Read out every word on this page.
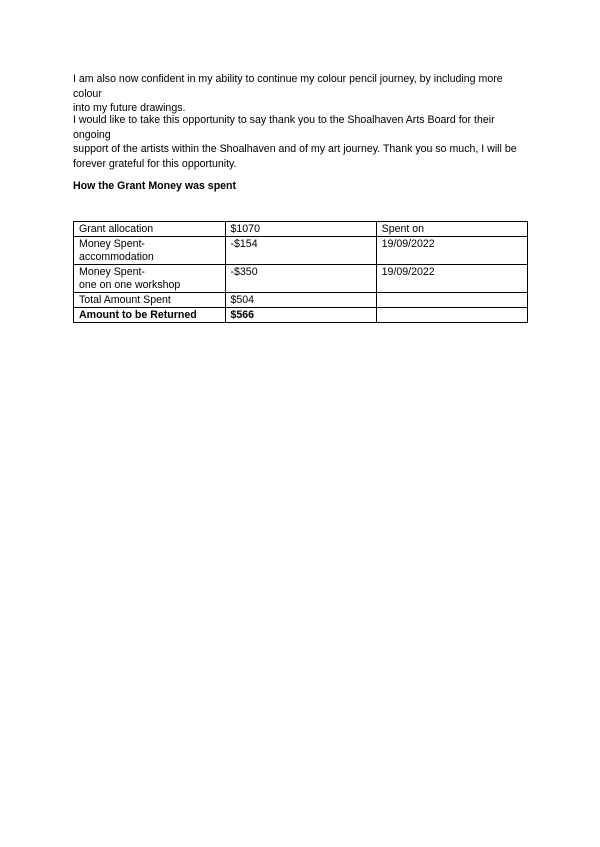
I am also now confident in my ability to continue my colour pencil journey, by including more colour
into my future drawings.

I would like to take this opportunity to say thank you to the Shoalhaven Arts Board for their ongoing
support of the artists within the Shoalhaven and of my art journey. Thank you so much, I will be
forever grateful for this opportunity.

How the Grant Money was spent

Grant allocation	$1070	Spent on
Money Spent-accommodation	-$154	19/09/2022
Money Spent-
one on one workshop	-$350	19/09/2022
Total Amount Spent	$504	
Amount to be Returned	$566	
